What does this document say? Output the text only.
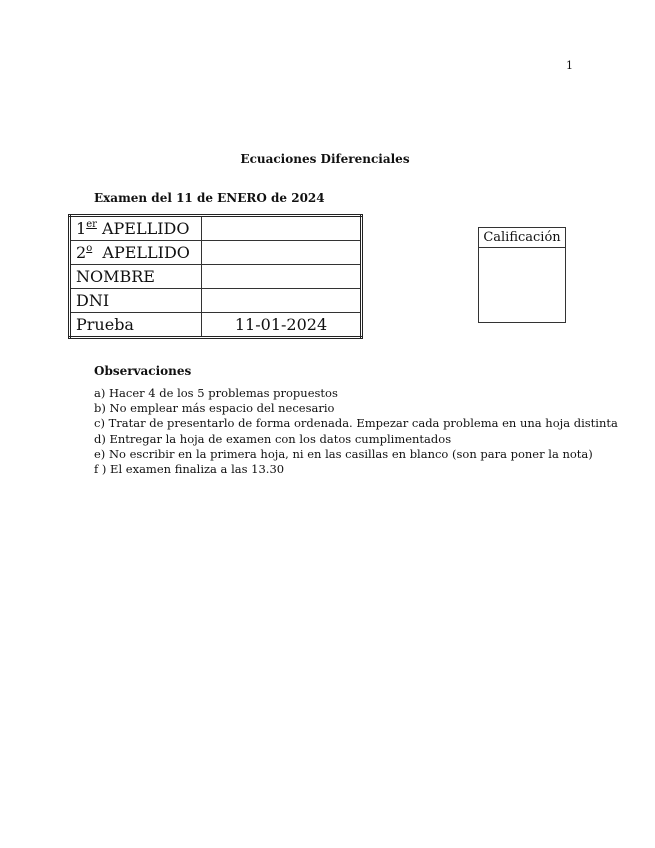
1
Ecuaciones Diferenciales
Examen del 11 de ENERO de 2024
1er APELLIDO	
2$^o$  APELLIDO	
NOMBRE	
DNI	
Prueba	11-01-2024
Calificación
Observaciones
a) Hacer 4 de los 5 problemas propuestos
b) No emplear más espacio del necesario
c) Tratar de presentarlo de forma ordenada. Empezar cada problema en una hoja distinta
d) Entregar la hoja de examen con los datos cumplimentados
e) No escribir en la primera hoja, ni en las casillas en blanco (son para poner la nota)
f ) El examen finaliza a las 13.30
